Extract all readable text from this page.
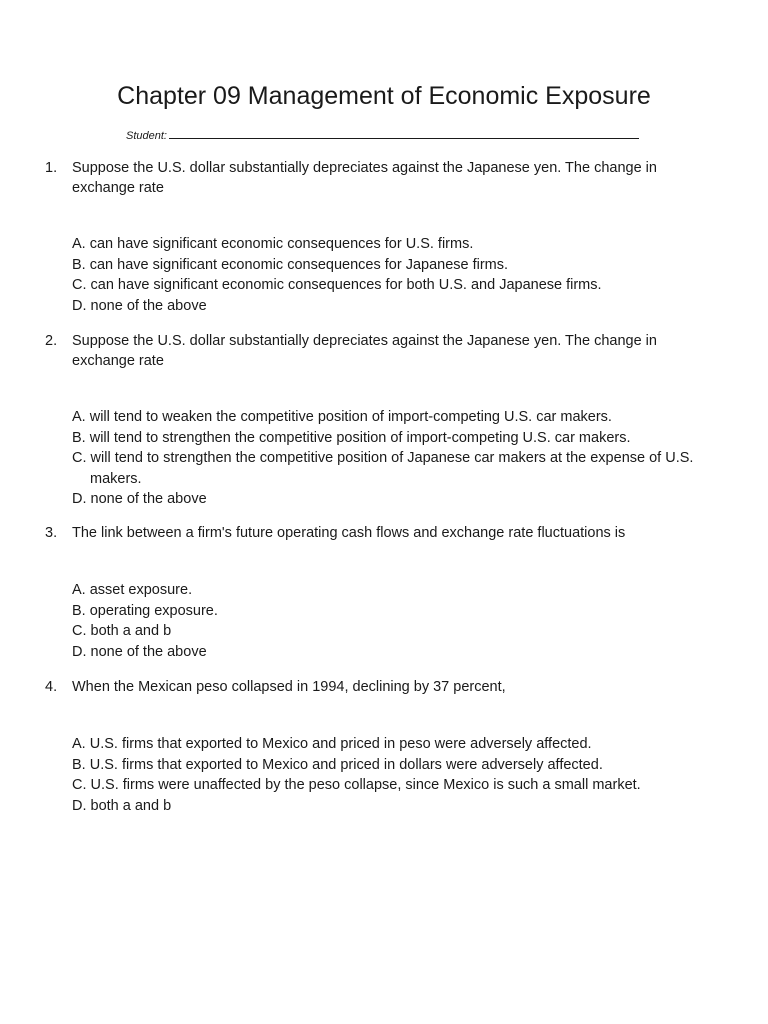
Chapter 09 Management of Economic Exposure
Student:
1. Suppose the U.S. dollar substantially depreciates against the Japanese yen. The change in exchange rate
A. can have significant economic consequences for U.S. firms.
B. can have significant economic consequences for Japanese firms.
C. can have significant economic consequences for both U.S. and Japanese firms.
D. none of the above
2. Suppose the U.S. dollar substantially depreciates against the Japanese yen. The change in exchange rate
A. will tend to weaken the competitive position of import-competing U.S. car makers.
B. will tend to strengthen the competitive position of import-competing U.S. car makers.
C. will tend to strengthen the competitive position of Japanese car makers at the expense of U.S. makers.
D. none of the above
3. The link between a firm's future operating cash flows and exchange rate fluctuations is
A. asset exposure.
B. operating exposure.
C. both a and b
D. none of the above
4. When the Mexican peso collapsed in 1994, declining by 37 percent,
A. U.S. firms that exported to Mexico and priced in peso were adversely affected.
B. U.S. firms that exported to Mexico and priced in dollars were adversely affected.
C. U.S. firms were unaffected by the peso collapse, since Mexico is such a small market.
D. both a and b
